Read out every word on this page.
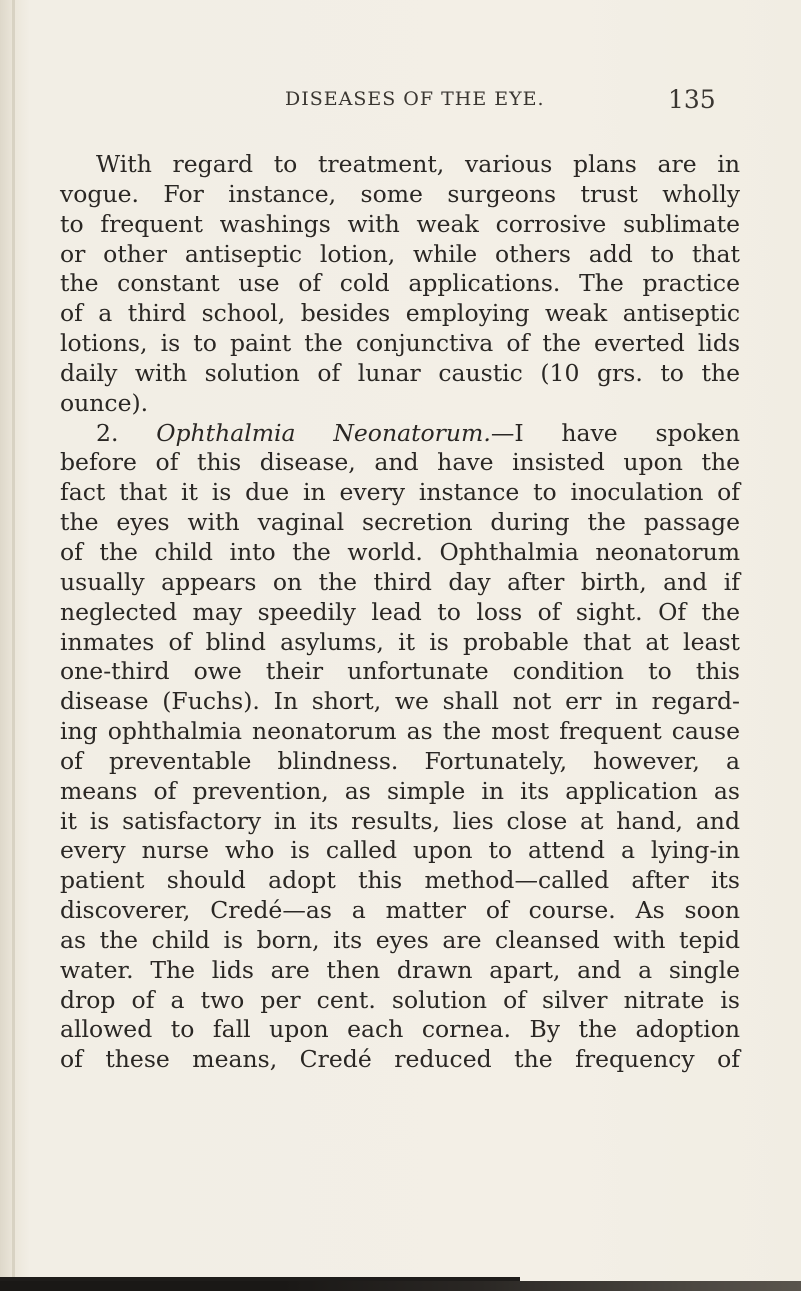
DISEASES OF THE EYE.	135
With regard to treatment, various plans are in
vogue. For instance, some surgeons trust wholly
to frequent washings with weak corrosive sublimate
or other antiseptic lotion, while others add to that
the constant use of cold applications. The practice
of a third school, besides employing weak antiseptic
lotions, is to paint the conjunctiva of the everted lids
daily with solution of lunar caustic (10 grs. to the
ounce).
2. Ophthalmia Neonatorum.—I have spoken
before of this disease, and have insisted upon the
fact that it is due in every instance to inoculation of
the eyes with vaginal secretion during the passage
of the child into the world. Ophthalmia neonatorum
usually appears on the third day after birth, and if
neglected may speedily lead to loss of sight. Of the
inmates of blind asylums, it is probable that at least
one-third owe their unfortunate condition to this
disease (Fuchs). In short, we shall not err in regard-
ing ophthalmia neonatorum as the most frequent cause
of preventable blindness. Fortunately, however, a
means of prevention, as simple in its application as
it is satisfactory in its results, lies close at hand, and
every nurse who is called upon to attend a lying-in
patient should adopt this method—called after its
discoverer, Credé—as a matter of course. As soon
as the child is born, its eyes are cleansed with tepid
water. The lids are then drawn apart, and a single
drop of a two per cent. solution of silver nitrate is
allowed to fall upon each cornea. By the adoption
of these means, Credé reduced the frequency of
